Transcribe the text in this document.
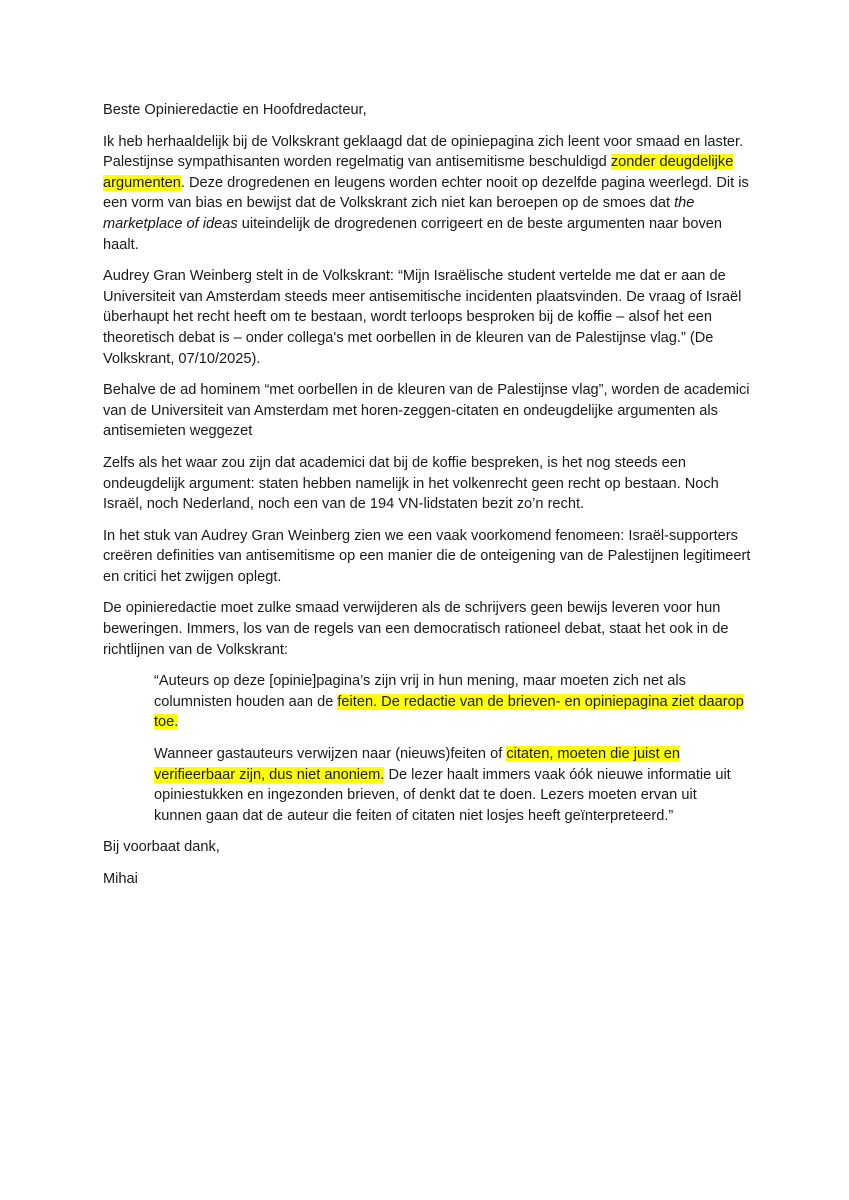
Beste Opinieredactie en Hoofdredacteur,

Ik heb herhaaldelijk bij de Volkskrant geklaagd dat de opiniepagina zich leent voor smaad en laster. Palestijnse sympathisanten worden regelmatig van antisemitisme beschuldigd zonder deugdelijke argumenten. Deze drogredenen en leugens worden echter nooit op dezelfde pagina weerlegd. Dit is een vorm van bias en bewijst dat de Volkskrant zich niet kan beroepen op de smoes dat the marketplace of ideas uiteindelijk de drogredenen corrigeert en de beste argumenten naar boven haalt.

Audrey Gran Weinberg stelt in de Volkskrant: “Mijn Israëlische student vertelde me dat er aan de Universiteit van Amsterdam steeds meer antisemitische incidenten plaatsvinden. De vraag of Israël überhaupt het recht heeft om te bestaan, wordt terloops besproken bij de koffie – alsof het een theoretisch debat is – onder collega's met oorbellen in de kleuren van de Palestijnse vlag.” (De Volkskrant, 07/10/2025).

Behalve de ad hominem “met oorbellen in de kleuren van de Palestijnse vlag”, worden de academici van de Universiteit van Amsterdam met horen-zeggen-citaten en ondeugdelijke argumenten als antisemieten weggezet

Zelfs als het waar zou zijn dat academici dat bij de koffie bespreken, is het nog steeds een ondeugdelijk argument: staten hebben namelijk in het volkenrecht geen recht op bestaan. Noch Israël, noch Nederland, noch een van de 194 VN-lidstaten bezit zo’n recht.

In het stuk van Audrey Gran Weinberg zien we een vaak voorkomend fenomeen: Israël-supporters creëren definities van antisemitisme op een manier die de onteigening van de Palestijnen legitimeert en critici het zwijgen oplegt.

De opinieredactie moet zulke smaad verwijderen als de schrijvers geen bewijs leveren voor hun beweringen. Immers, los van de regels van een democratisch rationeel debat, staat het ook in de richtlijnen van de Volkskrant:

“Auteurs op deze [opinie]pagina’s zijn vrij in hun mening, maar moeten zich net als columnisten houden aan de feiten. De redactie van de brieven- en opiniepagina ziet daarop toe.

Wanneer gastauteurs verwijzen naar (nieuws)feiten of citaten, moeten die juist en verifieerbaar zijn, dus niet anoniem. De lezer haalt immers vaak óók nieuwe informatie uit opiniestukken en ingezonden brieven, of denkt dat te doen. Lezers moeten ervan uit kunnen gaan dat de auteur die feiten of citaten niet losjes heeft geïnterpreteerd.”

Bij voorbaat dank,

Mihai
